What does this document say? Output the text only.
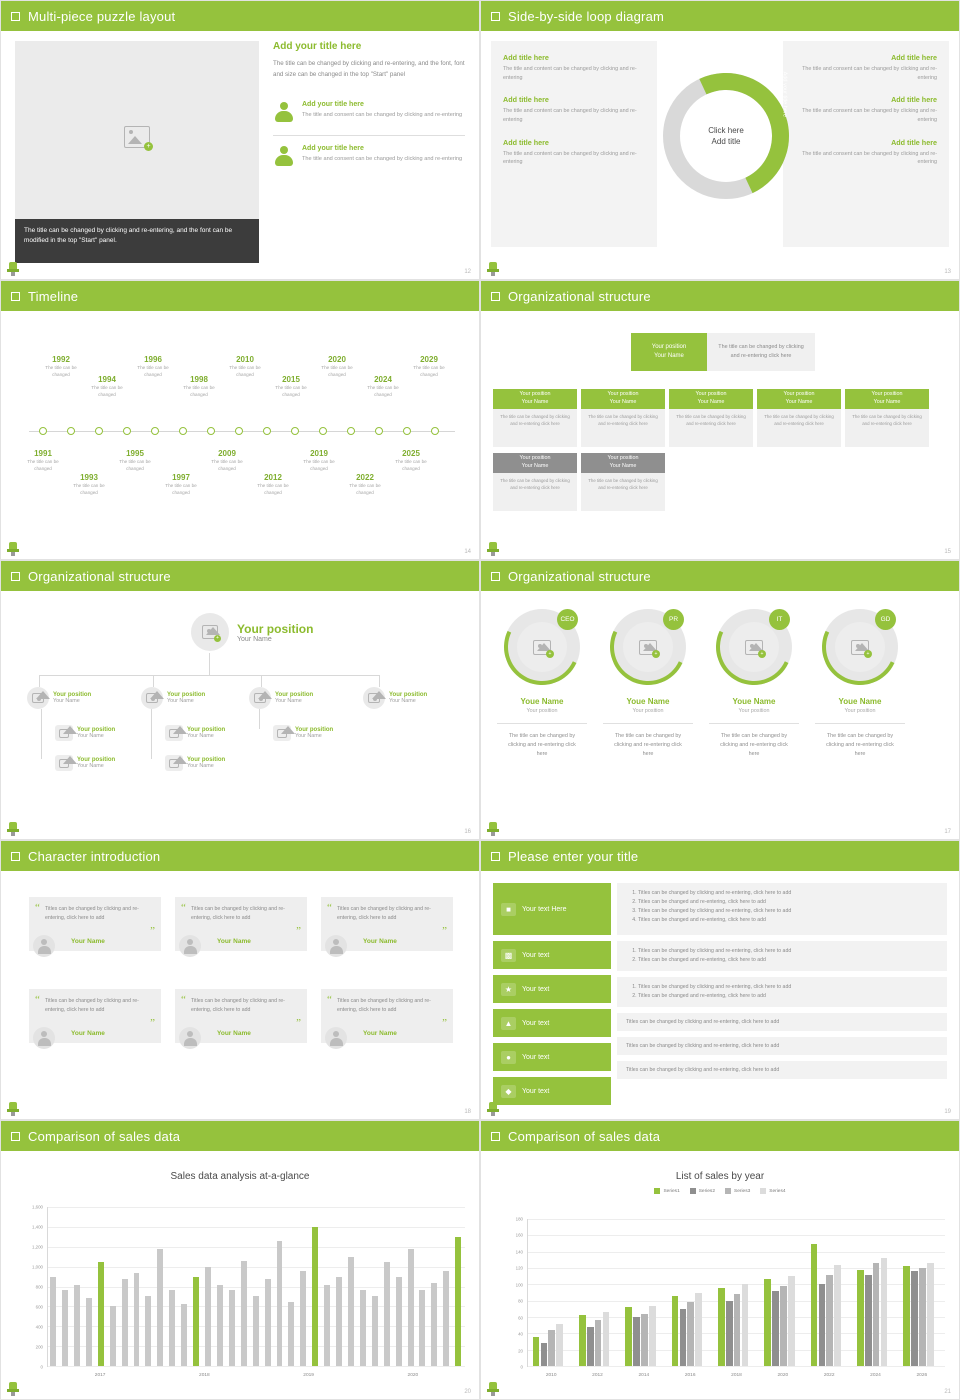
Multi-piece puzzle layout
+
The title can be changed by clicking and re-entering, and the font can be modified in the top "Start" panel.
Add your title here

The title can be changed by clicking and re-entering, and the font, font and size can be changed in the top "Start" panel

Add your title here

The title and consent can be changed by clicking and re-entering

Add your title here

The title and consent can be changed by clicking and re-entering

12
Side-by-side loop diagram
Add title here

The title and content can be changed by clicking and re-entering

Add title here

The title and content can be changed by clicking and re-entering

Add title here

The title and content can be changed by clicking and re-entering

Add title here

The title and consent can be changed by clicking and re-entering

Add title here

The title and consent can be changed by clicking and re-entering

Add title here

The title and consent can be changed by clicking and re-entering

Click here
Add title
Add your title here	Add your title here
13
Timeline
1992
The title can be changed
1996
The title can be changed
2010
The title can be changed
2020
The title can be changed
2029
The title can be changed
1994
The title can be changed
1998
The title can be changed
2015
The title can be changed
2024
The title can be changed
1991
The title can be changed
1995
The title can be changed
2009
The title can be changed
2019
The title can be changed
2025
The title can be changed
1993
The title can be changed
1997
The title can be changed
2012
The title can be changed
2022
The title can be changed
14
Organizational structure
Your position
Your Name
The title can be changed by clicking and re-entering click here
Your position
Your Name
The title can be changed by clicking and re-entering click here
Your position
Your Name
The title can be changed by clicking and re-entering click here
Your position
Your Name
The title can be changed by clicking and re-entering click here
Your position
Your Name
The title can be changed by clicking and re-entering click here
Your position
Your Name
The title can be changed by clicking and re-entering click here
Your position
Your Name
The title can be changed by clicking and re-entering click here
Your position
Your Name
The title can be changed by clicking and re-entering click here
15
Organizational structure
+
Your position
Your Name
Your position
Your Name
Your position
Your Name
Your position
Your Name
Your position
Your Name
Your position
Your Name
Your position
Your Name
Your position
Your Name
Your position
Your Name
Your position
Your Name
16
Organizational structure
+
CEO
Youe Name
Your position
The title can be changed by clicking and re-entering click here
+
PR
Youe Name
Your position
The title can be changed by clicking and re-entering click here
+
IT
Youe Name
Your position
The title can be changed by clicking and re-entering click here
+
GD
Youe Name
Your position
The title can be changed by clicking and re-entering click here
17
Character introduction
“
”

Titles can be changed by clicking and re-entering, click here to add

Your Name
“
”

Titles can be changed by clicking and re-entering, click here to add

Your Name
“
”

Titles can be changed by clicking and re-entering, click here to add

Your Name
“
”

Titles can be changed by clicking and re-entering, click here to add

Your Name
“
”

Titles can be changed by clicking and re-entering, click here to add

Your Name
“
”

Titles can be changed by clicking and re-entering, click here to add

Your Name
18
Please enter your title
■	Your text Here
▩	Your text
★	Your text
▲	Your text
●	Your text
◆	Your text
1. Titles can be changed by clicking and re-entering, click here to add
2. Titles can be changed and re-entering, click here to add
3. Titles can be changed by clicking and re-entering, click here to add
4. Titles can be changed and re-entering, click here to add
1. Titles can be changed by clicking and re-entering, click here to add
2. Titles can be changed and re-entering, click here to add
1. Titles can be changed by clicking and re-entering, click here to add
2. Titles can be changed and re-entering, click here to add
Titles can be changed by clicking and re-entering, click here to add
Titles can be changed by clicking and re-entering, click here to add
Titles can be changed by clicking and re-entering, click here to add
19
Comparison of sales data
Sales data analysis at-a-glance
0
200
400
600
800
1,000
1,200
1,400
1,600
2017	2018	2019	2020
20
Comparison of sales data
List of sales by year
Series1	Series2	Series3	Series4
0
20
40
60
80
100
120
140
160
180
2010	2012	2014	2016	2018	2020	2022	2024	2026
21
